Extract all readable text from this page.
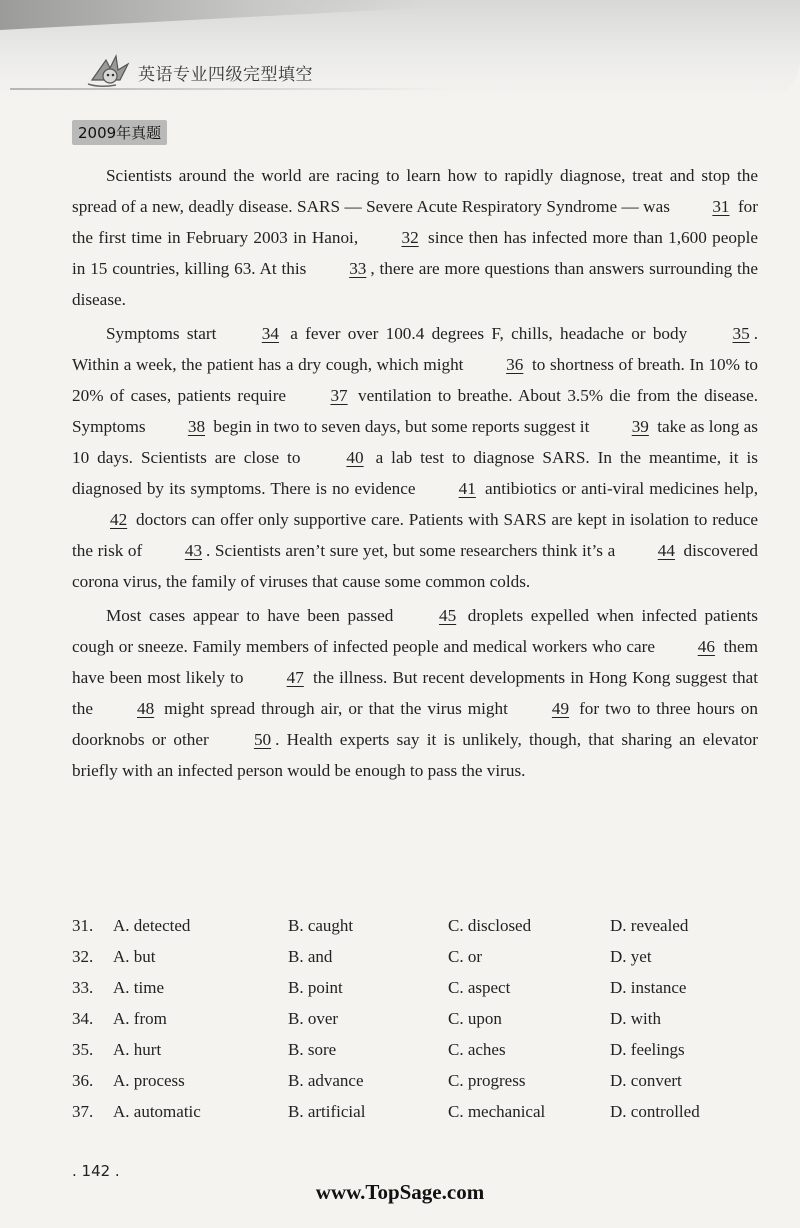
英语专业四级完型填空
2009年真题

Scientists around the world are racing to learn how to rapidly diagnose, treat and stop the spread of a new, deadly disease. SARS — Severe Acute Respiratory Syndrome — was 31 for the first time in February 2003 in Hanoi, 32 since then has infected more than 1,600 people in 15 countries, killing 63. At this 33 , there are more questions than answers surrounding the disease.

Symptoms start 34 a fever over 100.4 degrees F, chills, headache or body 35 . Within a week, the patient has a dry cough, which might 36 to shortness of breath. In 10% to 20% of cases, patients require 37 ventilation to breathe. About 3.5% die from the disease. Symptoms 38 begin in two to seven days, but some reports suggest it 39 take as long as 10 days. Scientists are close to 40 a lab test to diagnose SARS. In the meantime, it is diagnosed by its symptoms. There is no evidence 41 antibiotics or anti-viral medicines help, 42 doctors can offer only supportive care. Patients with SARS are kept in isolation to reduce the risk of 43 . Scientists aren’t sure yet, but some researchers think it’s a 44 discovered corona virus, the family of viruses that cause some common colds.

Most cases appear to have been passed 45 droplets expelled when infected patients cough or sneeze. Family members of infected people and medical workers who care 46 them have been most likely to 47 the illness. But recent developments in Hong Kong suggest that the 48 might spread through air, or that the virus might 49 for two to three hours on doorknobs or other 50 . Health experts say it is unlikely, though, that sharing an elevator briefly with an infected person would be enough to pass the virus.

31.	A. detected	B. caught	C. disclosed	D. revealed
32.	A. but	B. and	C. or	D. yet
33.	A. time	B. point	C. aspect	D. instance
34.	A. from	B. over	C. upon	D. with
35.	A. hurt	B. sore	C. aches	D. feelings
36.	A. process	B. advance	C. progress	D. convert
37.	A. automatic	B. artificial	C. mechanical	D. controlled
. 142 .
www.TopSage.com
